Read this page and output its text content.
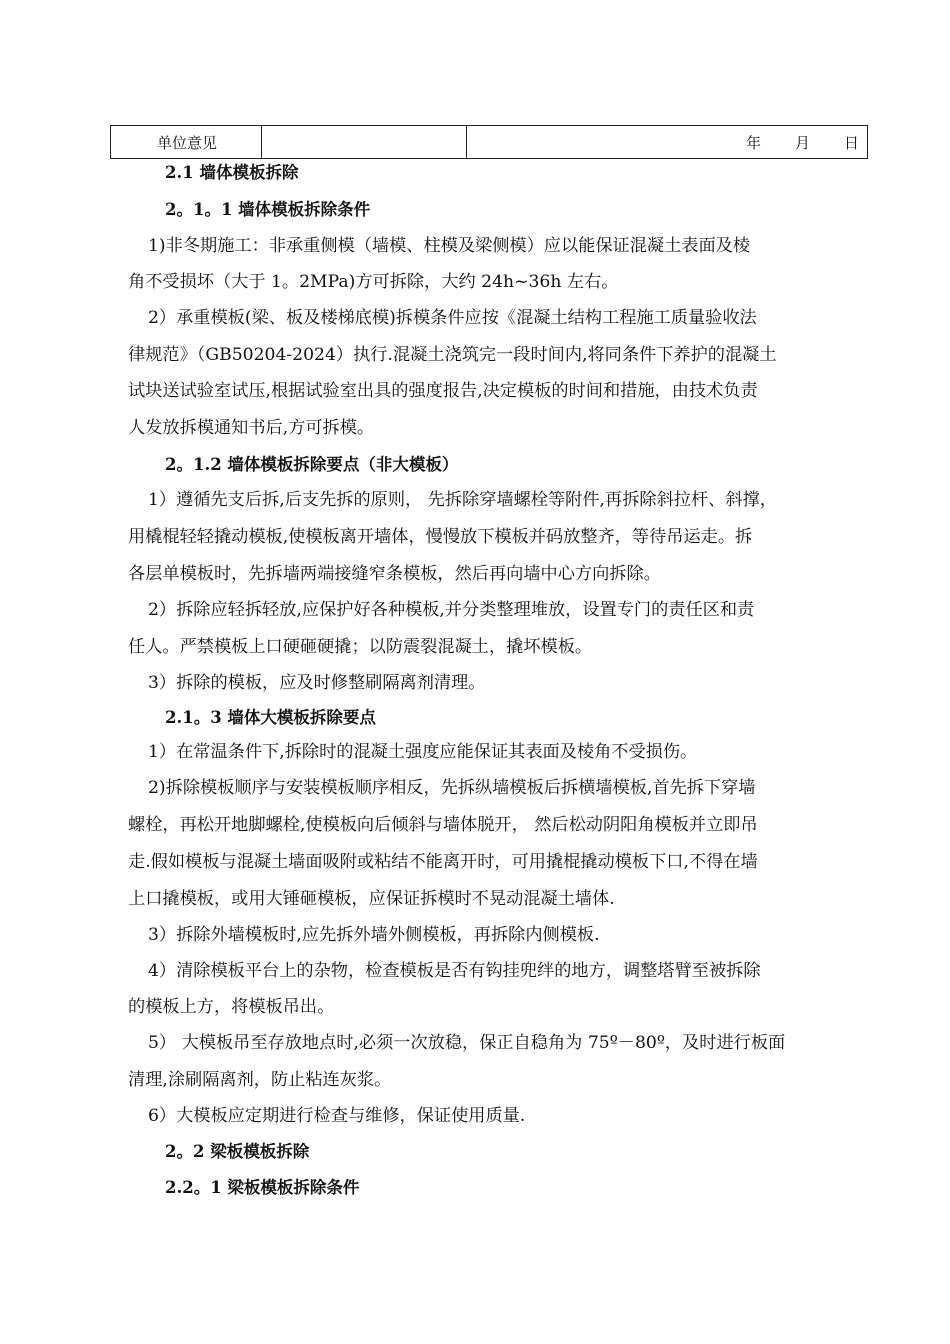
单位意见	年 月 日
2.1 墙体模板拆除
2。1。1 墙体模板拆除条件
1)非冬期施工：非承重侧模（墙模、柱模及梁侧模）应以能保证混凝土表面及棱
角不受损坏（大于 1。2MPa)方可拆除，大约 24h~36h 左右。
2）承重模板(梁、板及楼梯底模)拆模条件应按《混凝土结构工程施工质量验收法
律规范》（GB50204-2024）执行.混凝土浇筑完一段时间内,将同条件下养护的混凝土
试块送试验室试压,根据试验室出具的强度报告,决定模板的时间和措施，由技术负责
人发放拆模通知书后,方可拆模。
2。1.2 墙体模板拆除要点（非大模板）
1）遵循先支后拆,后支先拆的原则， 先拆除穿墙螺栓等附件,再拆除斜拉杆、斜撑，
用橇棍轻轻撬动模板,使模板离开墙体，慢慢放下模板并码放整齐，等待吊运走。拆
各层单模板时，先拆墙两端接缝窄条模板，然后再向墙中心方向拆除。
2）拆除应轻拆轻放,应保护好各种模板,并分类整理堆放，设置专门的责任区和责
任人。严禁模板上口硬砸硬撬；以防震裂混凝土，撬坏模板。
3）拆除的模板，应及时修整刷隔离剂清理。
2.1。3 墙体大模板拆除要点
1）在常温条件下,拆除时的混凝土强度应能保证其表面及棱角不受损伤。
2)拆除模板顺序与安装模板顺序相反，先拆纵墙模板后拆横墙模板,首先拆下穿墙
螺栓，再松开地脚螺栓,使模板向后倾斜与墙体脱开， 然后松动阴阳角模板并立即吊
走.假如模板与混凝土墙面吸附或粘结不能离开时，可用撬棍撬动模板下口,不得在墙
上口撬模板，或用大锤砸模板，应保证拆模时不晃动混凝土墙体.
3）拆除外墙模板时,应先拆外墙外侧模板，再拆除内侧模板.
4）清除模板平台上的杂物，检查模板是否有钩挂兜绊的地方，调整塔臂至被拆除
的模板上方，将模板吊出。
5） 大模板吊至存放地点时,必须一次放稳，保正自稳角为 75º－80º，及时进行板面
清理,涂刷隔离剂，防止粘连灰浆。
6）大模板应定期进行检查与维修，保证使用质量.
2。2 梁板模板拆除
2.2。1 梁板模板拆除条件
